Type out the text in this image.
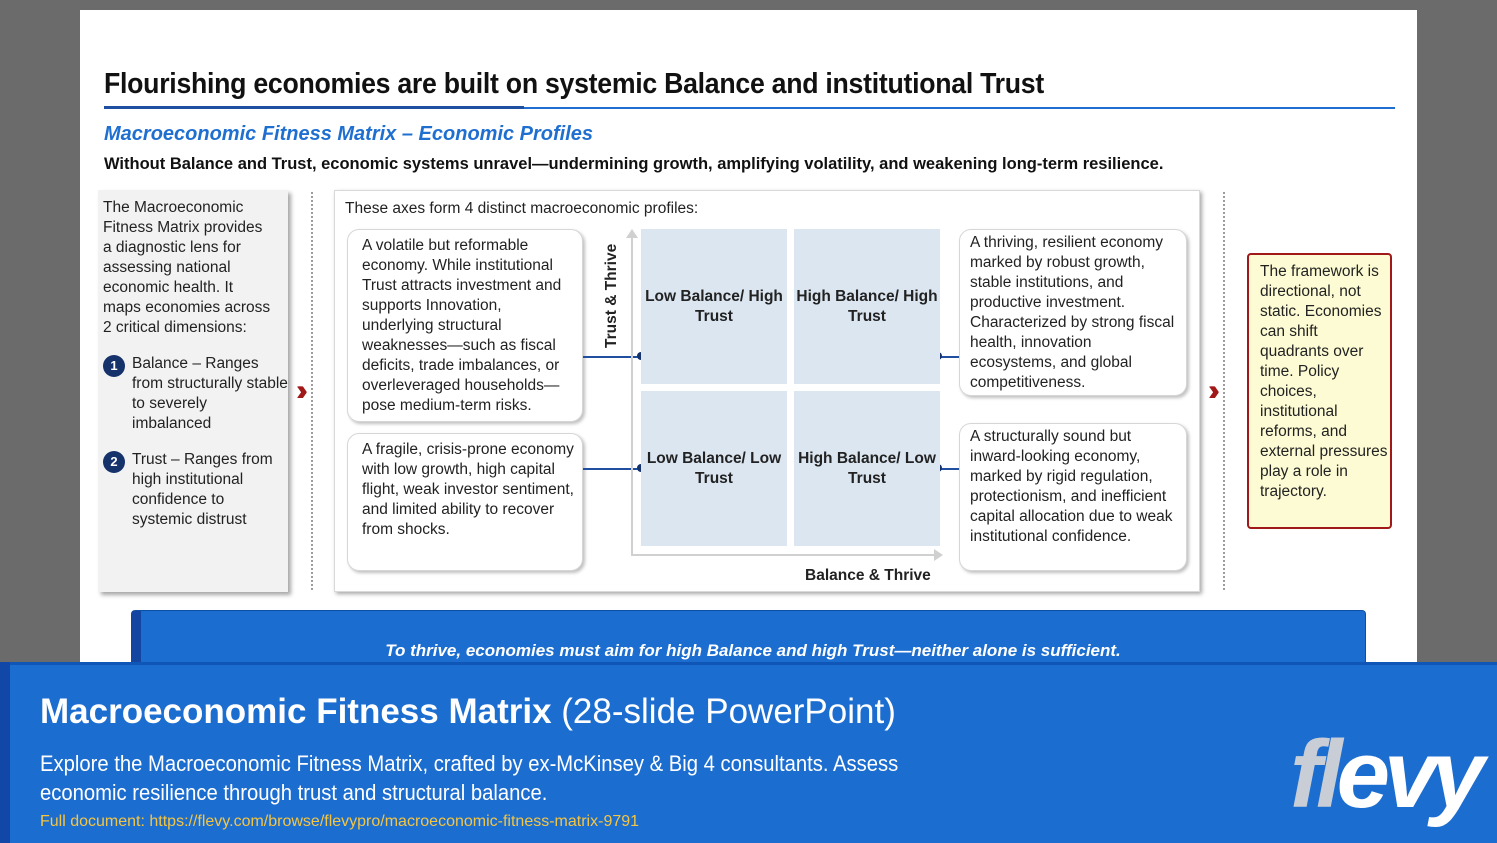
Flourishing economies are built on systemic Balance and institutional Trust
Macroeconomic Fitness Matrix – Economic Profiles
Without Balance and Trust, economic systems unravel—undermining growth, amplifying volatility, and weakening long-term resilience.
The Macroeconomic Fitness Matrix provides a diagnostic lens for assessing national economic health. It maps economies across 2 critical dimensions:
1 Balance – Ranges from structurally stable to severely imbalanced
2 Trust – Ranges from high institutional confidence to systemic distrust
These axes form 4 distinct macroeconomic profiles:
A volatile but reformable economy. While institutional Trust attracts investment and supports Innovation, underlying structural weaknesses—such as fiscal deficits, trade imbalances, or overleveraged households—pose medium-term risks.
A fragile, crisis-prone economy with low growth, high capital flight, weak investor sentiment, and limited ability to recover from shocks.
A thriving, resilient economy marked by robust growth, stable institutions, and productive investment. Characterized by strong fiscal health, innovation ecosystems, and global competitiveness.
A structurally sound but inward-looking economy, marked by rigid regulation, protectionism, and inefficient capital allocation due to weak institutional confidence.
Low Balance/ High Trust
High Balance/ High Trust
Low Balance/ Low Trust
High Balance/ Low Trust
Trust & Thrive
Balance & Thrive
The framework is directional, not static. Economies can shift quadrants over time. Policy choices, institutional reforms, and external pressures play a role in trajectory.
To thrive, economies must aim for high Balance and high Trust—neither alone is sufficient.
Macroeconomic Fitness Matrix (28-slide PowerPoint)
Explore the Macroeconomic Fitness Matrix, crafted by ex-McKinsey & Big 4 consultants. Assess economic resilience through trust and structural balance.
Full document: https://flevy.com/browse/flevypro/macroeconomic-fitness-matrix-9791	flevy
